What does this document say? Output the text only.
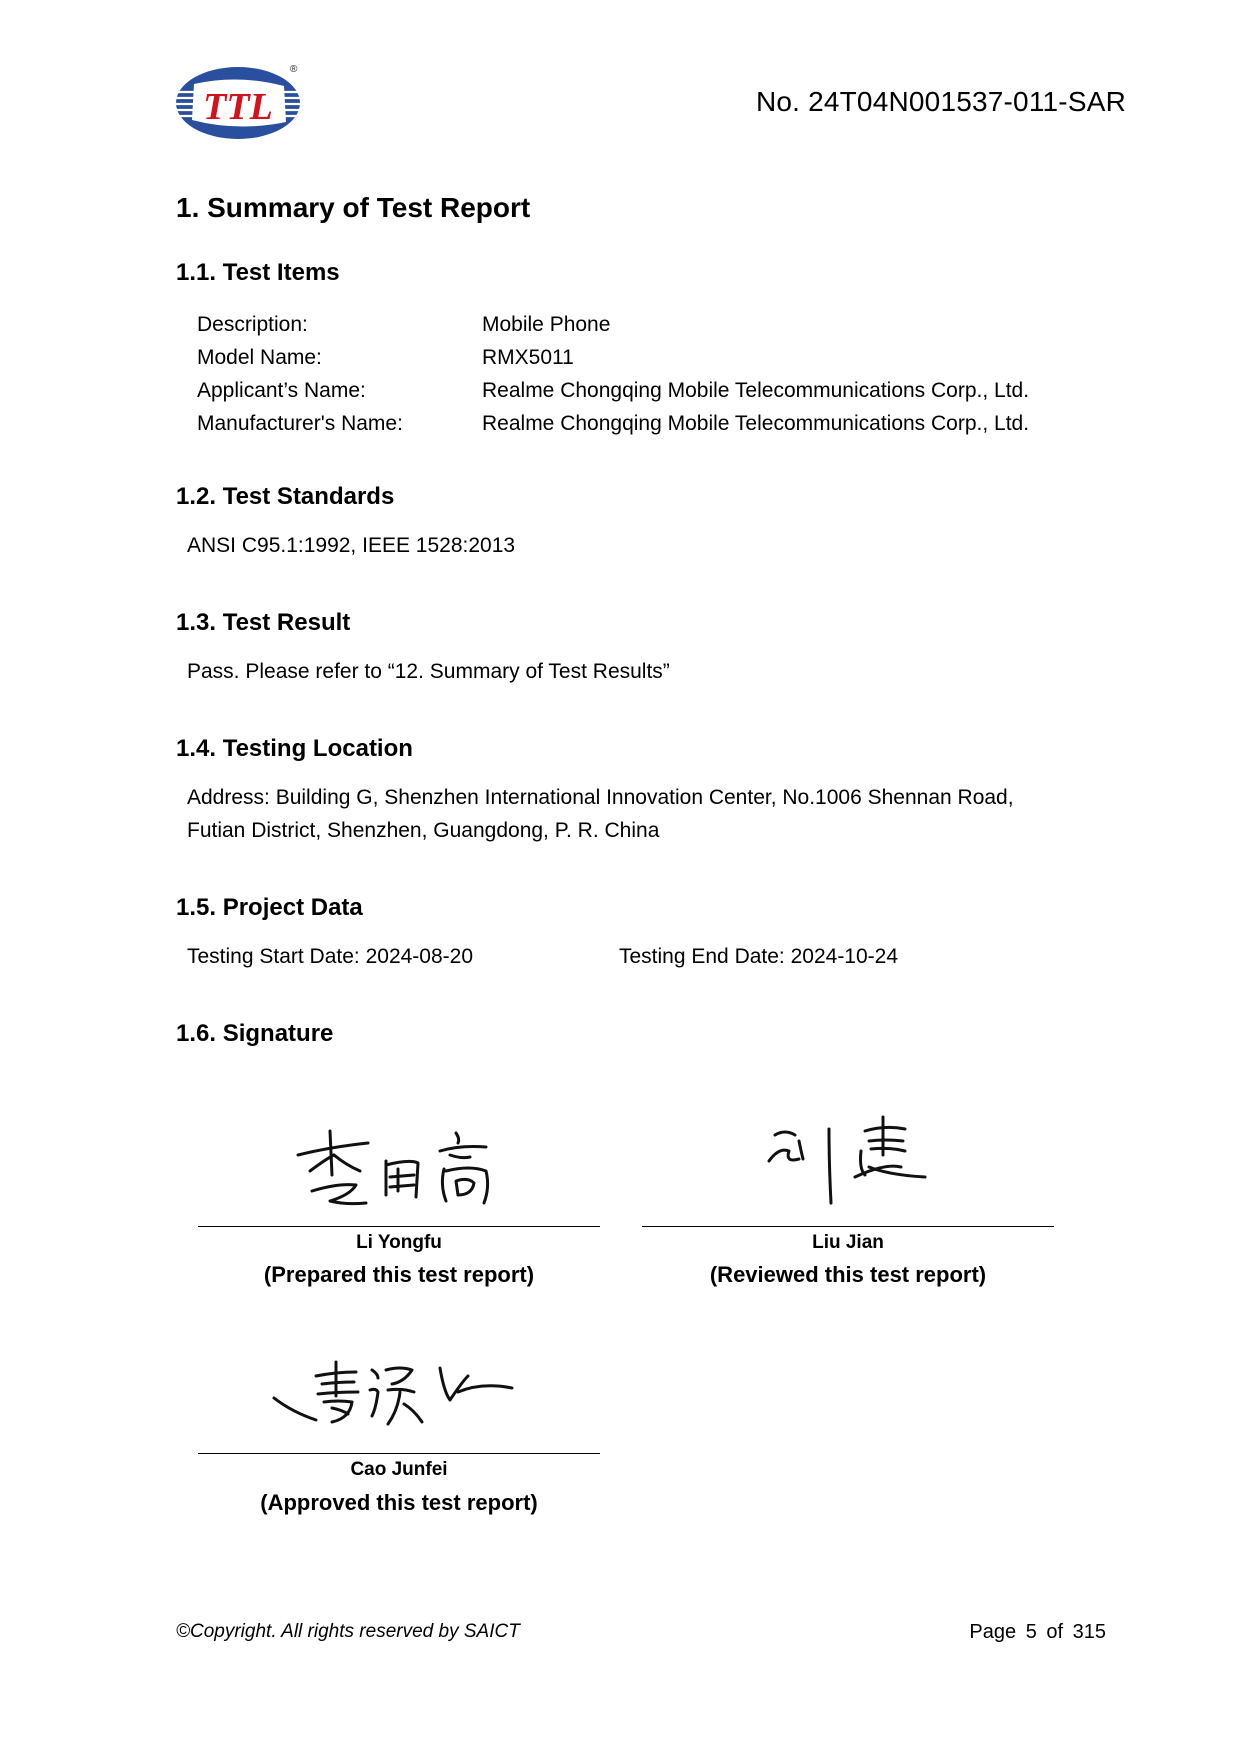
TTL
®
No. 24T04N001537-011-SAR
1. Summary of Test Report
1.1. Test Items
Description:	Mobile Phone
Model Name:	RMX5011
Applicant’s Name:	Realme Chongqing Mobile Telecommunications Corp., Ltd.
Manufacturer's Name:	Realme Chongqing Mobile Telecommunications Corp., Ltd.
1.2. Test Standards
ANSI C95.1:1992, IEEE 1528:2013
1.3. Test Result
Pass. Please refer to “12. Summary of Test Results”
1.4. Testing Location
Address: Building G, Shenzhen International Innovation Center, No.1006 Shennan Road,
Futian District, Shenzhen, Guangdong, P. R. China
1.5. Project Data
Testing Start Date: 2024-08-20	Testing End Date: 2024-10-24
1.6. Signature
Li Yongfu
(Prepared this test report)
Liu Jian
(Reviewed this test report)
Cao Junfei
(Approved this test report)
©Copyright. All rights reserved by SAICT	Page 5 of 315
